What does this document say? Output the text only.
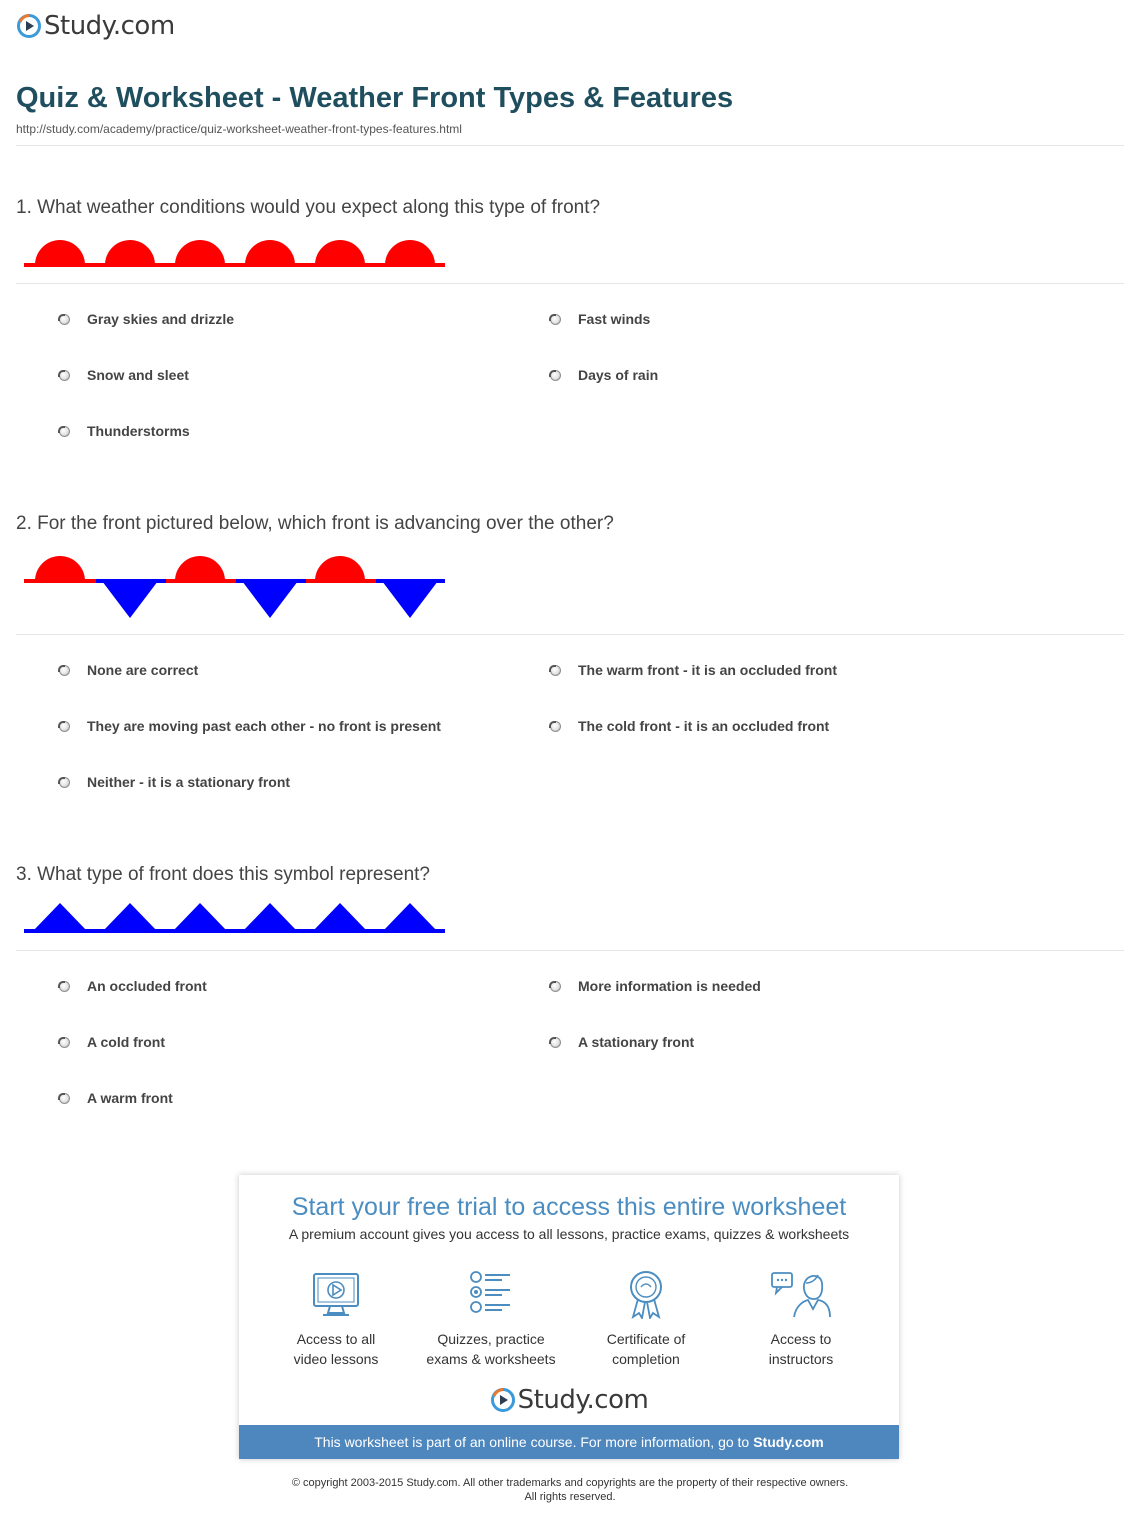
Study.com
Quiz & Worksheet - Weather Front Types & Features
http://study.com/academy/practice/quiz-worksheet-weather-front-types-features.html
1. What weather conditions would you expect along this type of front?
Gray skies and drizzle	Fast winds
Snow and sleet	Days of rain
Thunderstorms
2. For the front pictured below, which front is advancing over the other?
None are correct	The warm front - it is an occluded front
They are moving past each other - no front is present	The cold front - it is an occluded front
Neither - it is a stationary front
3. What type of front does this symbol represent?
An occluded front	More information is needed
A cold front	A stationary front
A warm front
Start your free trial to access this entire worksheet
A premium account gives you access to all lessons, practice exams, quizzes & worksheets
Access to all
video lessons
Quizzes, practice
exams & worksheets
Certificate of
completion
Access to
instructors
Study.com
This worksheet is part of an online course. For more information, go to Study.com
© copyright 2003-2015 Study.com. All other trademarks and copyrights are the property of their respective owners.
All rights reserved.
